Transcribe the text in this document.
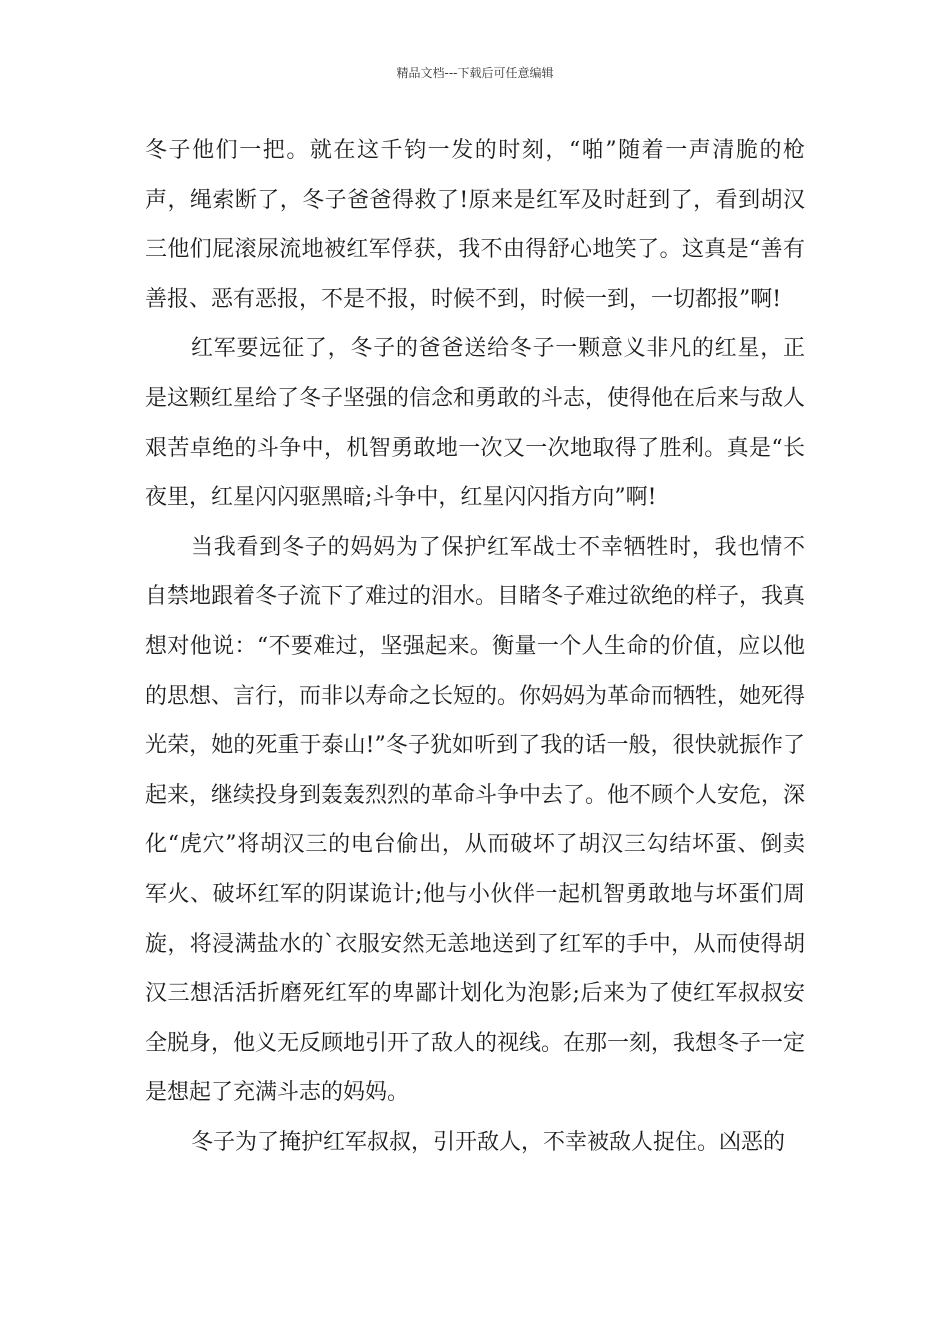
精品文档---下载后可任意编辑

冬子他们一把。就在这千钧一发的时刻，“啪”随着一声清脆的枪声，绳索断了，冬子爸爸得救了!原来是红军及时赶到了，看到胡汉三他们屁滚尿流地被红军俘获，我不由得舒心地笑了。这真是“善有善报、恶有恶报，不是不报，时候不到，时候一到，一切都报”啊!

红军要远征了，冬子的爸爸送给冬子一颗意义非凡的红星，正是这颗红星给了冬子坚强的信念和勇敢的斗志，使得他在后来与敌人艰苦卓绝的斗争中，机智勇敢地一次又一次地取得了胜利。真是“长夜里，红星闪闪驱黑暗;斗争中，红星闪闪指方向”啊!

当我看到冬子的妈妈为了保护红军战士不幸牺牲时，我也情不自禁地跟着冬子流下了难过的泪水。目睹冬子难过欲绝的样子，我真想对他说：“不要难过，坚强起来。衡量一个人生命的价值，应以他的思想、言行，而非以寿命之长短的。你妈妈为革命而牺牲，她死得光荣，她的死重于泰山!”冬子犹如听到了我的话一般，很快就振作了起来，继续投身到轰轰烈烈的革命斗争中去了。他不顾个人安危，深化“虎穴”将胡汉三的电台偷出，从而破坏了胡汉三勾结坏蛋、倒卖军火、破坏红军的阴谋诡计;他与小伙伴一起机智勇敢地与坏蛋们周旋，将浸满盐水的`衣服安然无恙地送到了红军的手中，从而使得胡汉三想活活折磨死红军的卑鄙计划化为泡影;后来为了使红军叔叔安全脱身，他义无反顾地引开了敌人的视线。在那一刻，我想冬子一定是想起了充满斗志的妈妈。

冬子为了掩护红军叔叔，引开敌人，不幸被敌人捉住。凶恶的
